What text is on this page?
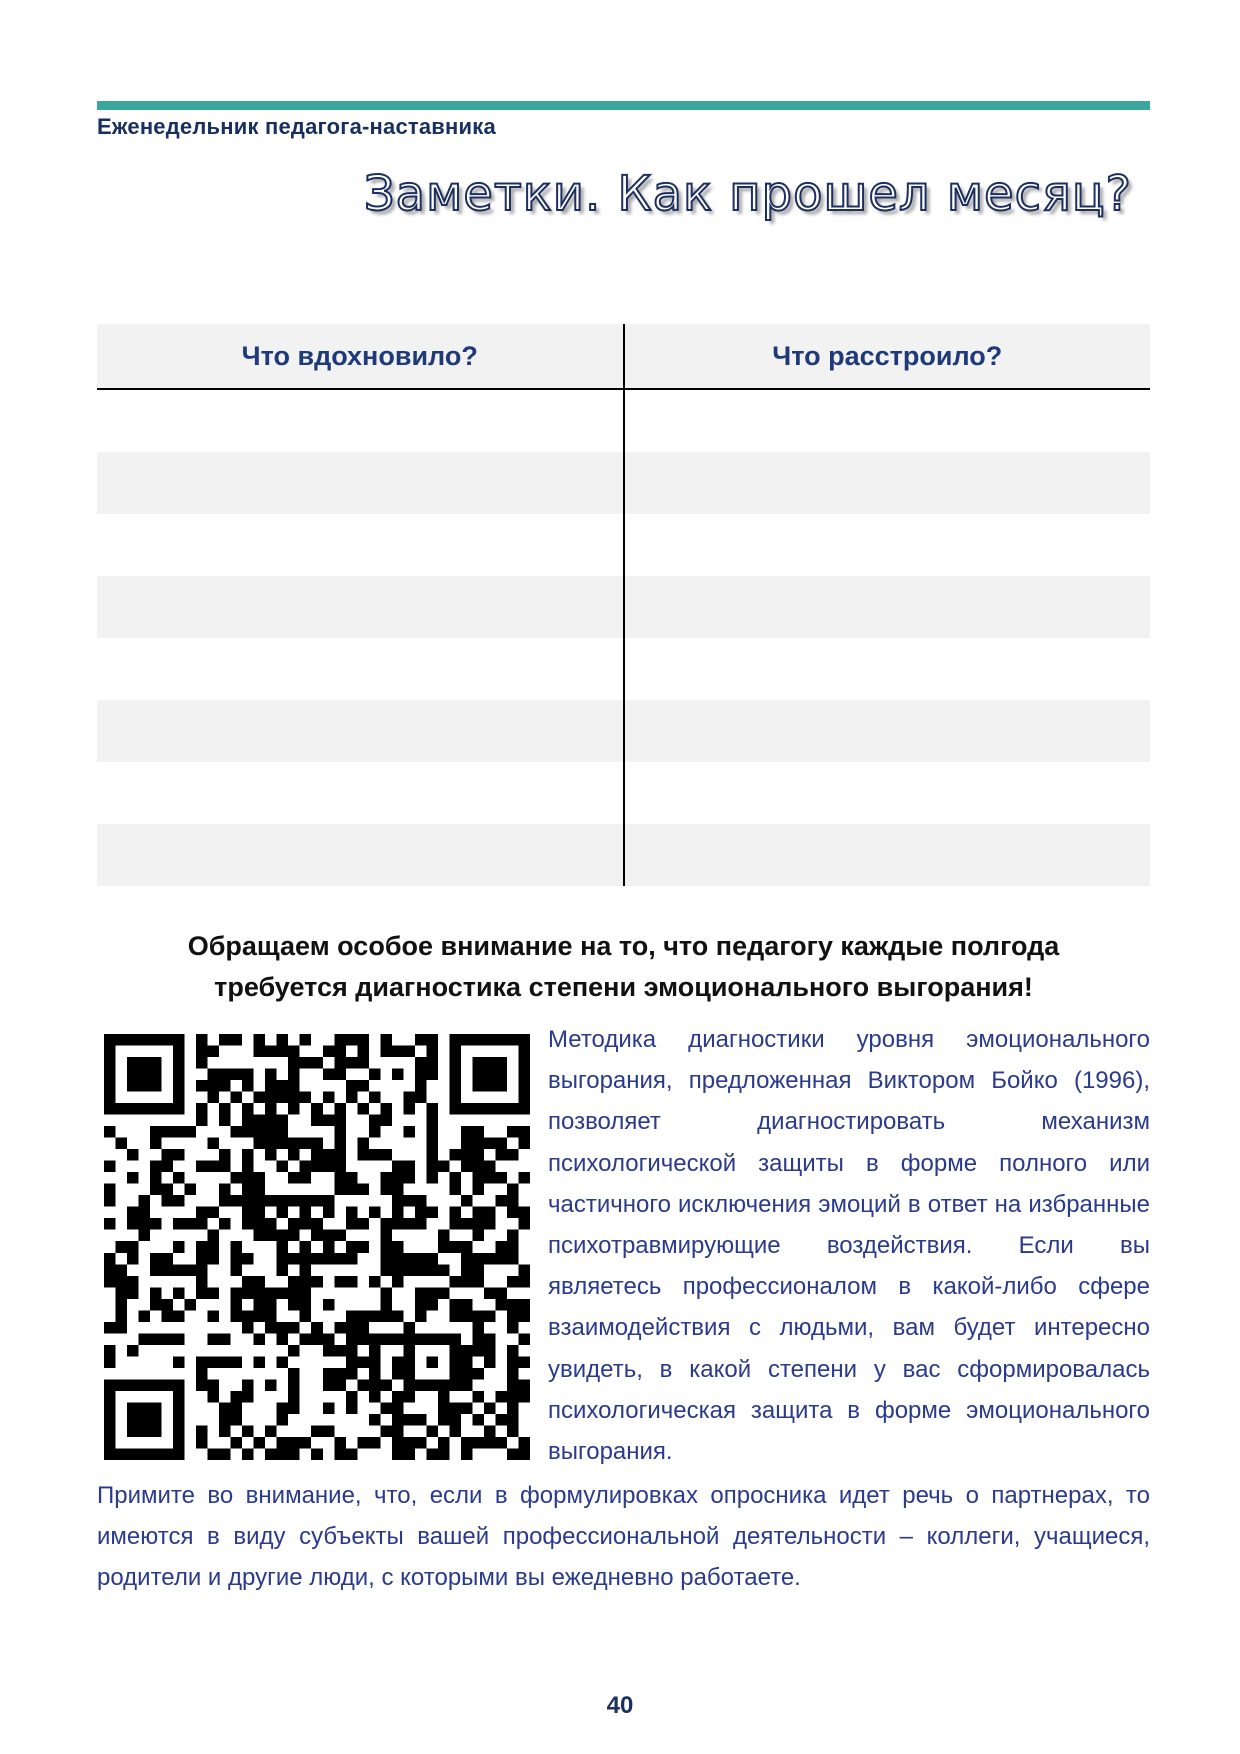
Еженедельник педагога-наставника
Заметки. Как прошел месяц?
Что вдохновило?	Что расстроило?

Обращаем особое внимание на то, что педагогу каждые полгода
требуется диагностика степени эмоционального выгорания!

Методика диагностики уровня эмоционального выгорания, предложенная Виктором Бойко (1996), позволяет диагностировать механизм психологической защиты в форме полного или частичного исключения эмоций в ответ на избранные психотравмирующие воздействия. Если вы являетесь профессионалом в какой-либо сфере взаимодействия с людьми, вам будет интересно увидеть, в какой степени у вас сформировалась психологическая защита в форме эмоционального выгорания.

Примите во внимание, что, если в формулировках опросника идет речь о партнерах, то имеются в виду субъекты вашей профессиональной деятельности – коллеги, учащиеся, родители и другие люди, с которыми вы ежедневно работаете.

40
